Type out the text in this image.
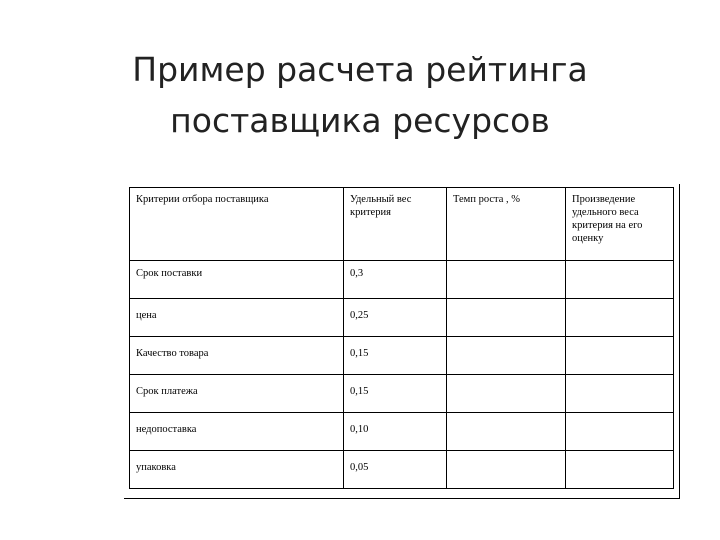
Пример расчета рейтинга
поставщика ресурсов
Критерии отбора поставщика	Удельный вес критерия	Темп роста , %	Произведение удельного веса критерия на его оценку
Срок поставки	0,3		
цена	0,25		
Качество товара	0,15		
Срок платежа	0,15		
недопоставка	0,10		
упаковка	0,05		
